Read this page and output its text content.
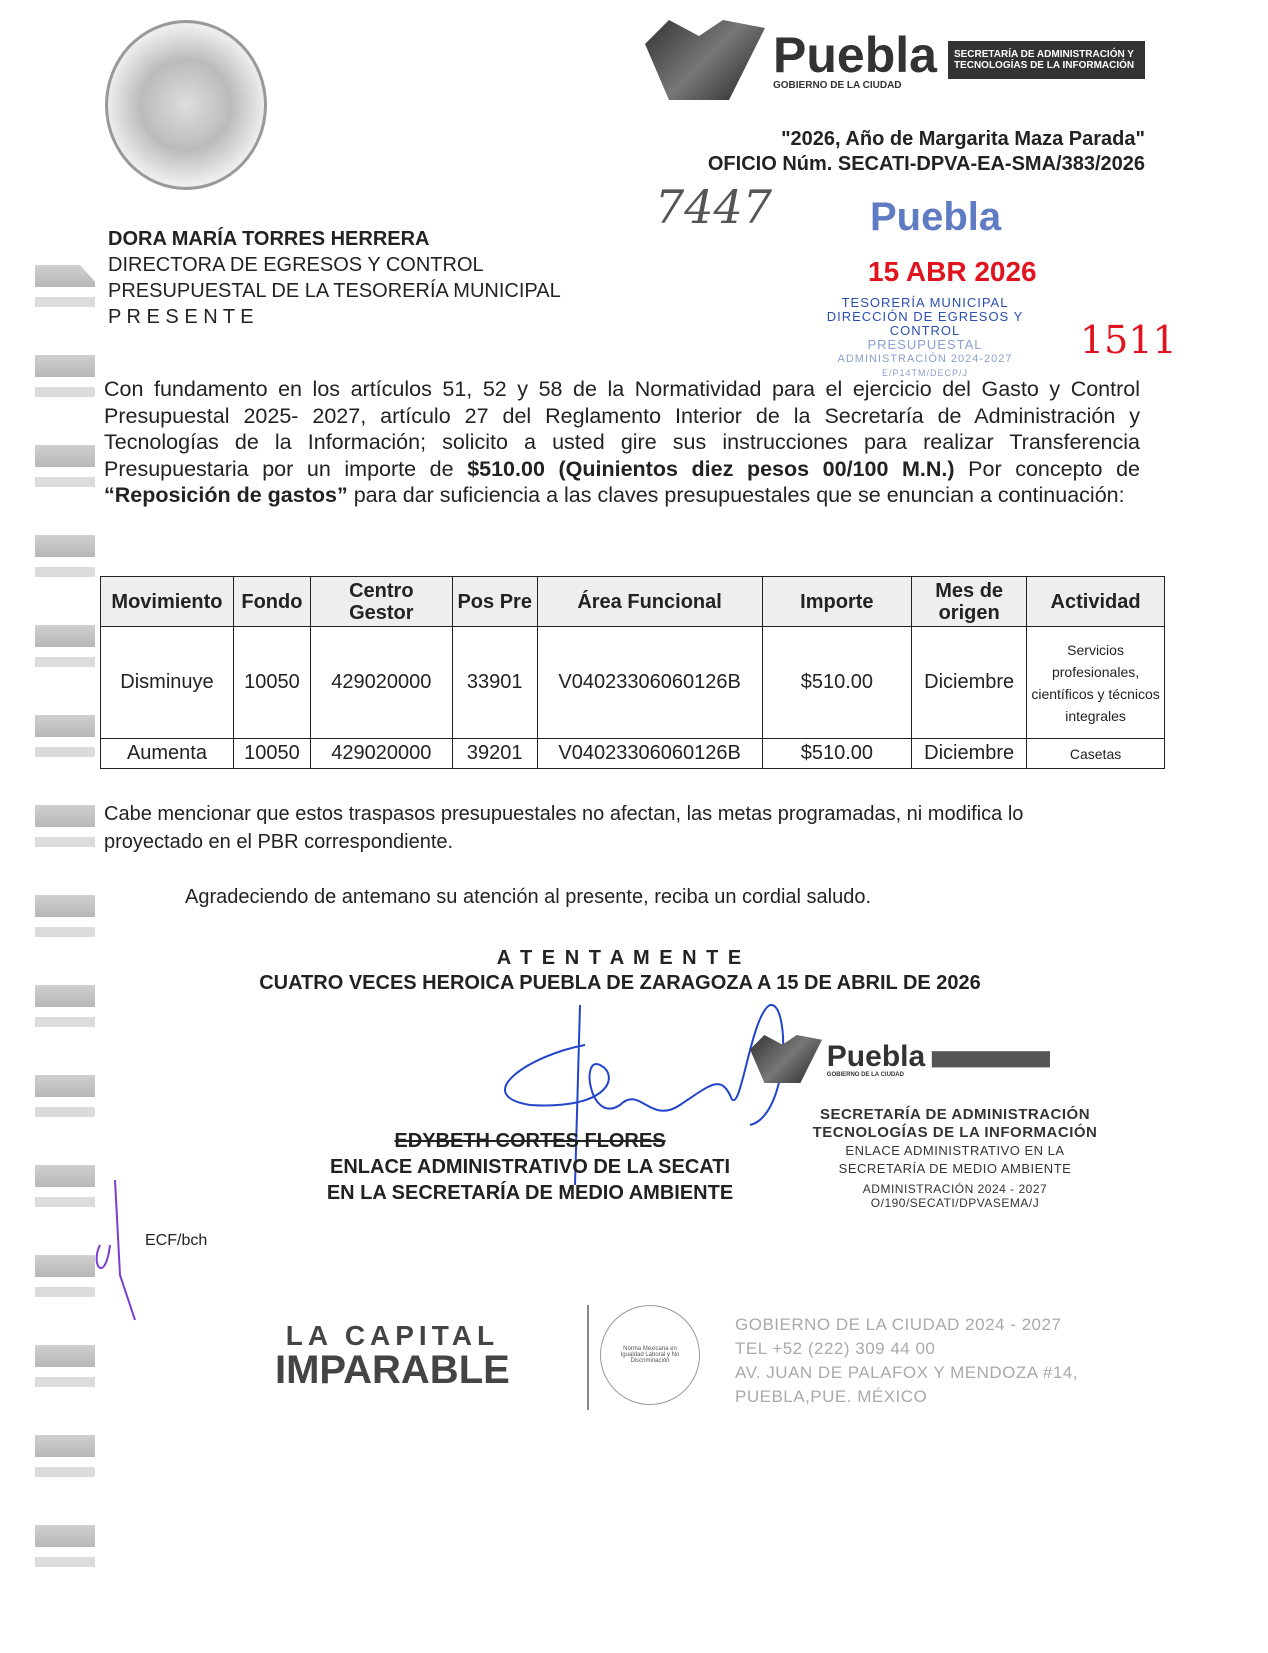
Puebla
GOBIERNO DE LA CIUDAD
SECRETARÍA DE ADMINISTRACIÓN Y TECNOLOGÍAS DE LA INFORMACIÓN
"2026, Año de Margarita Maza Parada"
OFICIO Núm. SECATI-DPVA-EA-SMA/383/2026
7447	Puebla
15 ABR 2026
TESORERÍA MUNICIPAL
DIRECCIÓN DE EGRESOS Y CONTROL
PRESUPUESTAL
ADMINISTRACIÓN 2024-2027
E/P14TM/DECP/J
1511
DORA MARÍA TORRES HERRERA
DIRECTORA DE EGRESOS Y CONTROL
PRESUPUESTAL DE LA TESORERÍA MUNICIPAL
P R E S E N T E
Con fundamento en los artículos 51, 52 y 58 de la Normatividad para el ejercicio del Gasto y Control Presupuestal 2025- 2027, artículo 27 del Reglamento Interior de la Secretaría de Administración y Tecnologías de la Información; solicito a usted gire sus instrucciones para realizar Transferencia Presupuestaria por un importe de $510.00 (Quinientos diez pesos 00/100 M.N.) Por concepto de “Reposición de gastos” para dar suficiencia a las claves presupuestales que se enuncian a continuación:
Movimiento	Fondo	Centro Gestor	Pos Pre	Área Funcional	Importe	Mes de origen	Actividad
Disminuye	10050	429020000	33901	V04023306060126B	$510.00	Diciembre	Servicios profesionales, científicos y técnicos integrales
Aumenta	10050	429020000	39201	V04023306060126B	$510.00	Diciembre	Casetas
Cabe mencionar que estos traspasos presupuestales no afectan, las metas programadas, ni modifica lo proyectado en el PBR correspondiente.
Agradeciendo de antemano su atención al presente, reciba un cordial saludo.
A T E N T A M E N T E
CUATRO VECES HEROICA PUEBLA DE ZARAGOZA A 15 DE ABRIL DE 2026
Puebla
GOBIERNO DE LA CIUDAD

SECRETARÍA DE ADMINISTRACIÓN
TECNOLOGÍAS DE LA INFORMACIÓN
ENLACE ADMINISTRATIVO EN LA
SECRETARÍA DE MEDIO AMBIENTE
ADMINISTRACIÓN 2024 - 2027
O/190/SECATI/DPVASEMA/J
EDYBETH CORTES FLORES
ENLACE ADMINISTRATIVO DE LA SECATI
EN LA SECRETARÍA DE MEDIO AMBIENTE
ECF/bch
LA CAPITAL
IMPARABLE	Norma Mexicana en Igualdad Laboral y No Discriminación
GOBIERNO DE LA CIUDAD 2024 - 2027
TEL +52 (222) 309 44 00
AV. JUAN DE PALAFOX Y MENDOZA #14,
PUEBLA,PUE. MÉXICO
